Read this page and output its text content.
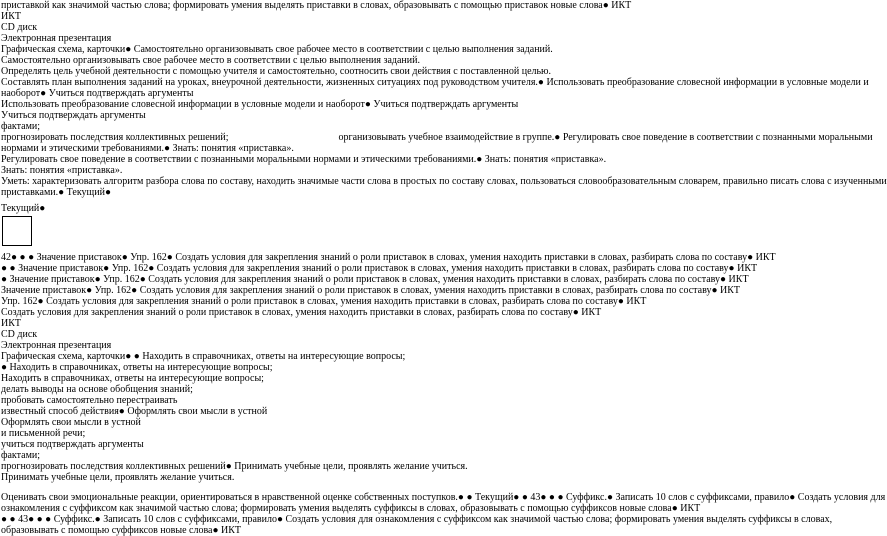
приставкой как значимой частью слова; формировать умения выделять приставки в словах, образовывать с помощью приставок новые слова● ИКТ
ИКТ
CD диск
Электронная презентация
Графическая схема, карточки● Самостоятельно организовывать свое рабочее место в соответствии с целью выполнения заданий.
Самостоятельно организовывать свое рабочее место в соответствии с целью выполнения заданий.
Определять цель учебной деятельности с помощью учителя и самостоятельно, соотносить свои действия с поставленной целью.
Составлять план выполнения заданий на уроках, внеурочной деятельности, жизненных ситуациях под руководством учителя.● Использовать преобразование словесной информации в условные модели и
наоборот● Учиться подтверждать аргументы
Использовать преобразование словесной информации в условные модели и наоборот● Учиться подтверждать аргументы
Учиться подтверждать аргументы
фактами;
прогнозировать последствия коллективных решений;	организовывать учебное взаимодействие в группе.● Регулировать свое поведение в соответствии с познанными моральными
нормами и этическими требованиями.● Знать: понятия «приставка».
Регулировать свое поведение в соответствии с познанными моральными нормами и этическими требованиями.● Знать: понятия «приставка».
Знать: понятия «приставка».
Уметь: характеризовать алгоритм разбора слова по составу, находить значимые части слова в простых по составу словах, пользоваться словообразовательным словарем, правильно писать слова с изученными
приставками.● Текущий●
Текущий●
42● ● ● Значение приставок● Упр. 162● Создать условия для закрепления знаний о роли приставок в словах, умения находить приставки в словах, разбирать слова по составу● ИКТ
● ● Значение приставок● Упр. 162● Создать условия для закрепления знаний о роли приставок в словах, умения находить приставки в словах, разбирать слова по составу● ИКТ
● Значение приставок● Упр. 162● Создать условия для закрепления знаний о роли приставок в словах, умения находить приставки в словах, разбирать слова по составу● ИКТ
Значение приставок● Упр. 162● Создать условия для закрепления знаний о роли приставок в словах, умения находить приставки в словах, разбирать слова по составу● ИКТ
Упр. 162● Создать условия для закрепления знаний о роли приставок в словах, умения находить приставки в словах, разбирать слова по составу● ИКТ
Создать условия для закрепления знаний о роли приставок в словах, умения находить приставки в словах, разбирать слова по составу● ИКТ
ИКТ
CD диск
Электронная презентация
Графическая схема, карточки● ● Находить в справочниках, ответы на интересующие вопросы;
● Находить в справочниках, ответы на интересующие вопросы;
Находить в справочниках, ответы на интересующие вопросы;
делать выводы на основе обобщения знаний;
пробовать самостоятельно перестраивать
известный способ действия● Оформлять свои мысли в устной
Оформлять свои мысли в устной
и письменной речи;
учиться подтверждать аргументы
фактами;
прогнозировать последствия коллективных решений● Принимать учебные цели, проявлять желание учиться.
Принимать учебные цели, проявлять желание учиться.
Оценивать свои эмоциональные реакции, ориентироваться в нравственной оценке собственных поступков.● ● Текущий● ● 43● ● ● Суффикс.● Записать 10 слов с суффиксами, правило● Создать условия для
ознакомления с суффиксом как значимой частью слова; формировать умения выделять суффиксы в словах, образовывать с помощью суффиксов новые слова● ИКТ
● ● 43● ● ● Суффикс.● Записать 10 слов с суффиксами, правило● Создать условия для ознакомления с суффиксом как значимой частью слова; формировать умения выделять суффиксы в словах,
образовывать с помощью суффиксов новые слова● ИКТ
